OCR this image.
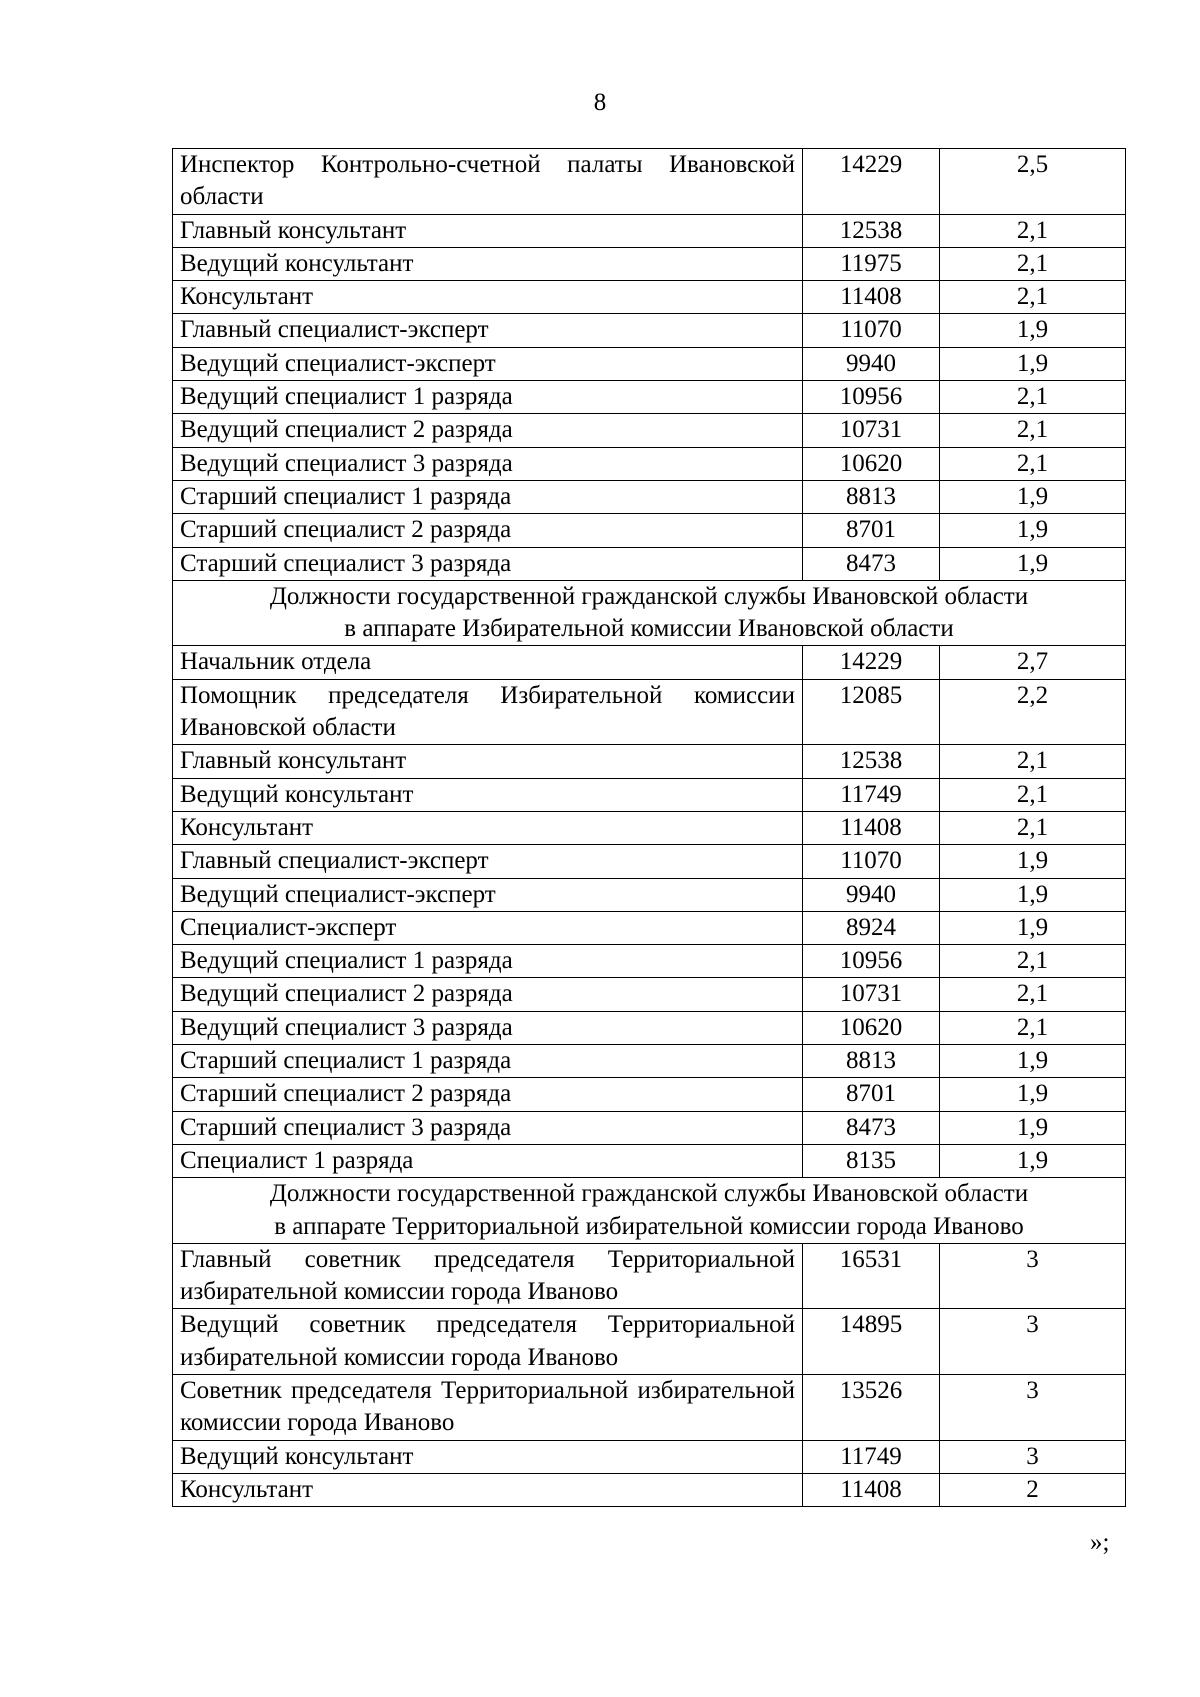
8
Инспектор Контрольно-счетной палаты Ивановской области	14229	2,5
Главный консультант	12538	2,1
Ведущий консультант	11975	2,1
Консультант	11408	2,1
Главный специалист-эксперт	11070	1,9
Ведущий специалист-эксперт	9940	1,9
Ведущий специалист 1 разряда	10956	2,1
Ведущий специалист 2 разряда	10731	2,1
Ведущий специалист 3 разряда	10620	2,1
Старший специалист 1 разряда	8813	1,9
Старший специалист 2 разряда	8701	1,9
Старший специалист 3 разряда	8473	1,9

Должности государственной гражданской службы Ивановской области
в аппарате Избирательной комиссии Ивановской области		

Начальник отдела	14229	2,7
Помощник председателя Избирательной комиссии Ивановской области	12085	2,2
Главный консультант	12538	2,1
Ведущий консультант	11749	2,1
Консультант	11408	2,1
Главный специалист-эксперт	11070	1,9
Ведущий специалист-эксперт	9940	1,9
Специалист-эксперт	8924	1,9
Ведущий специалист 1 разряда	10956	2,1
Ведущий специалист 2 разряда	10731	2,1
Ведущий специалист 3 разряда	10620	2,1
Старший специалист 1 разряда	8813	1,9
Старший специалист 2 разряда	8701	1,9
Старший специалист 3 разряда	8473	1,9
Специалист 1 разряда	8135	1,9

Должности государственной гражданской службы Ивановской области
в аппарате Территориальной избирательной комиссии города Иваново		

Главный советник председателя Территориальной избирательной комиссии города Иваново	16531	3
Ведущий советник председателя Территориальной избирательной комиссии города Иваново	14895	3
Советник председателя Территориальной избирательной комиссии города Иваново	13526	3
Ведущий консультант	11749	3
Консультант	11408	2
»;
